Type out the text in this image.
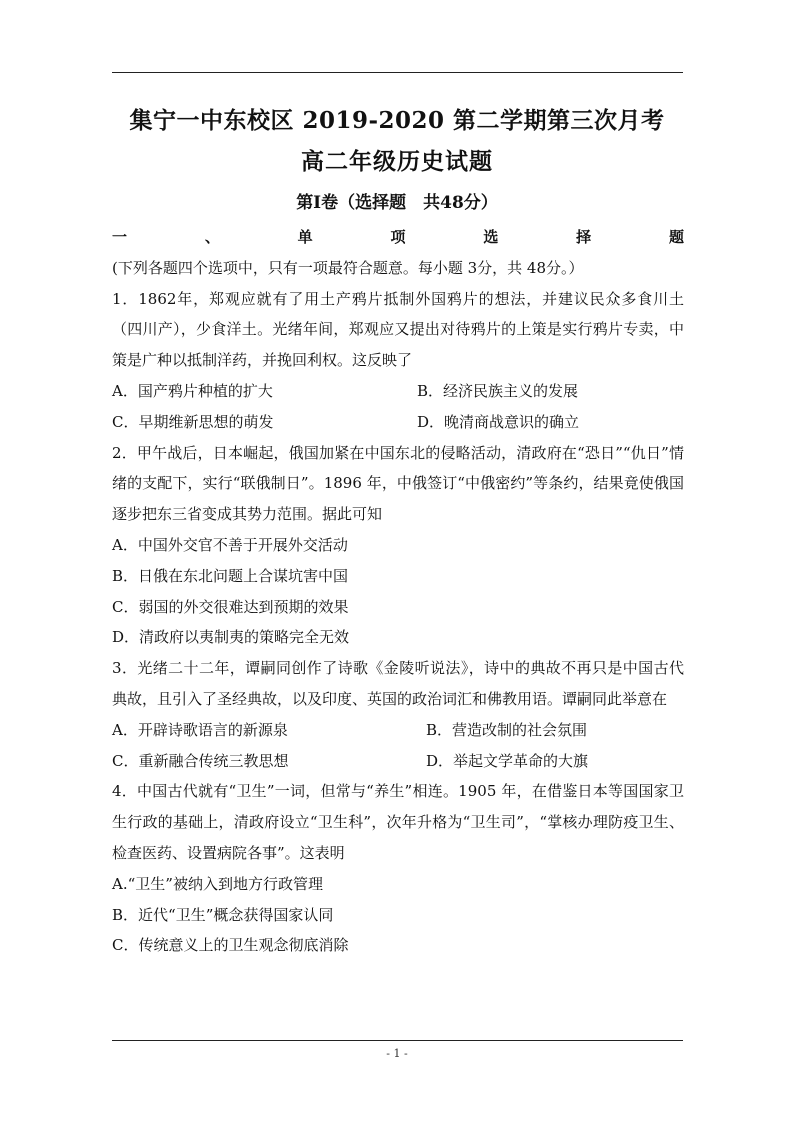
集宁一中东校区 2019-2020 第二学期第三次月考
高二年级历史试题
第Ⅰ卷（选择题　共48分）

一、单项选择题(下列各题四个选项中，只有一项最符合题意。每小题 3分，共 48分。）

1．1862年，郑观应就有了用土产鸦片抵制外国鸦片的想法，并建议民众多食川土（四川产），少食洋土。光绪年间，郑观应又提出对待鸦片的上策是实行鸦片专卖，中策是广种以抵制洋药，并挽回利权。这反映了

A．国产鸦片种植的扩大	B．经济民族主义的发展
C．早期维新思想的萌发	D．晚清商战意识的确立

2．甲午战后，日本崛起，俄国加紧在中国东北的侵略活动，清政府在“恐日”“仇日”情绪的支配下，实行“联俄制日”。1896 年，中俄签订“中俄密约”等条约，结果竟使俄国逐步把东三省变成其势力范围。据此可知

A．中国外交官不善于开展外交活动

B．日俄在东北问题上合谋坑害中国

C．弱国的外交很难达到预期的效果

D．清政府以夷制夷的策略完全无效

3．光绪二十二年，谭嗣同创作了诗歌《金陵听说法》，诗中的典故不再只是中国古代典故，且引入了圣经典故，以及印度、英国的政治词汇和佛教用语。谭嗣同此举意在

A．开辟诗歌语言的新源泉	B．营造改制的社会氛围
C．重新融合传统三教思想	D．举起文学革命的大旗

4．中国古代就有“卫生”一词，但常与“养生”相连。1905 年，在借鉴日本等国国家卫生行政的基础上，清政府设立“卫生科”，次年升格为“卫生司”，“掌核办理防疫卫生、检查医药、设置病院各事”。这表明

A.“卫生”被纳入到地方行政管理

B．近代“卫生”概念获得国家认同

C．传统意义上的卫生观念彻底消除

- 1 -
